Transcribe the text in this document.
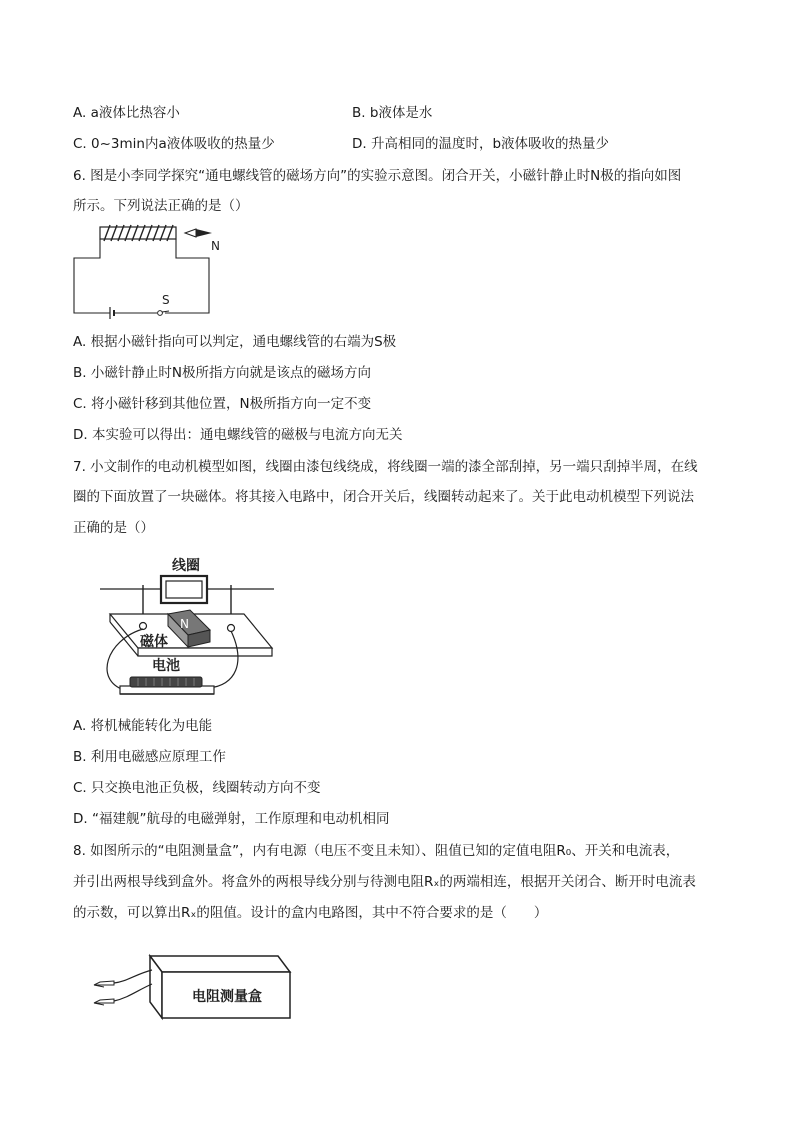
A. a液体比热容小	B. b液体是水
C. 0~3min内a液体吸收的热量少	D. 升高相同的温度时，b液体吸收的热量少
6. 图是小李同学探究“通电螺线管的磁场方向”的实验示意图。闭合开关，小磁针静止时N极的指向如图
所示。下列说法正确的是（）
N
S
A. 根据小磁针指向可以判定，通电螺线管的右端为S极
B. 小磁针静止时N极所指方向就是该点的磁场方向
C. 将小磁针移到其他位置，N极所指方向一定不变
D. 本实验可以得出：通电螺线管的磁极与电流方向无关
7. 小文制作的电动机模型如图，线圈由漆包线绕成，将线圈一端的漆全部刮掉，另一端只刮掉半周，在线
圈的下面放置了一块磁体。将其接入电路中，闭合开关后，线圈转动起来了。关于此电动机模型下列说法
正确的是（）
线圈
N
磁体
电池
A. 将机械能转化为电能
B. 利用电磁感应原理工作
C. 只交换电池正负极，线圈转动方向不变
D. “福建舰”航母的电磁弹射，工作原理和电动机相同
8. 如图所示的“电阻测量盒”，内有电源（电压不变且未知）、阻值已知的定值电阻R₀、开关和电流表，
并引出两根导线到盒外。将盒外的两根导线分别与待测电阻Rₓ的两端相连，根据开关闭合、断开时电流表
的示数，可以算出Rₓ的阻值。设计的盒内电路图，其中不符合要求的是（　　）
电阻测量盒
